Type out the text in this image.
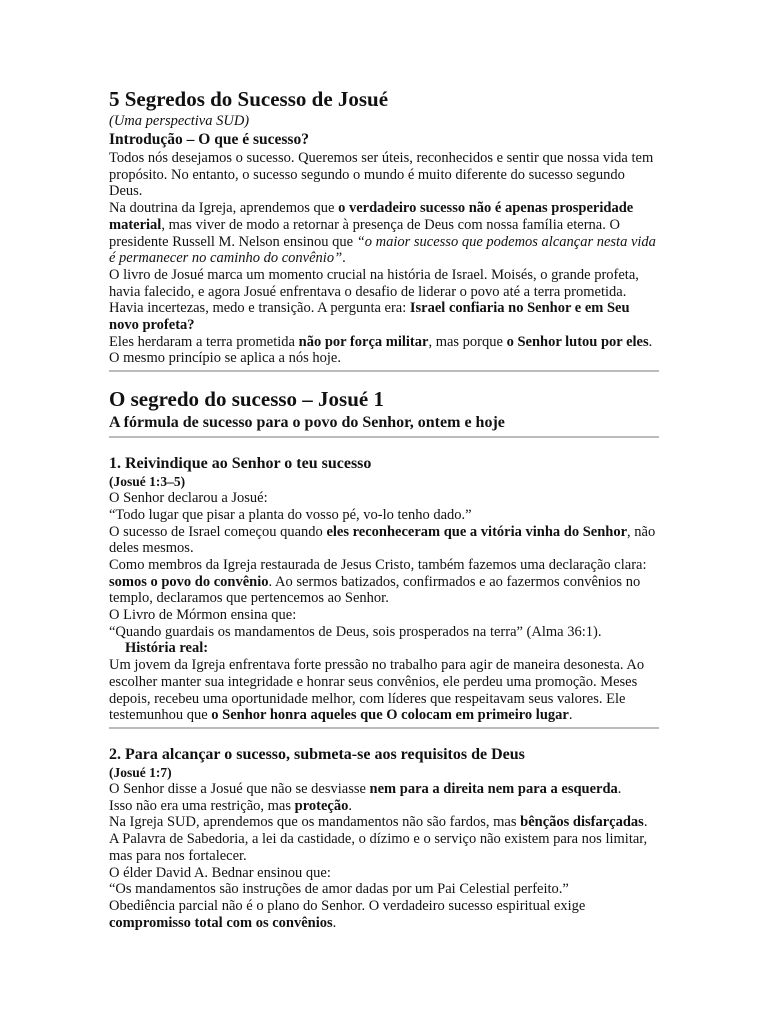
5 Segredos do Sucesso de Josué
(Uma perspectiva SUD)
Introdução – O que é sucesso?

Todos nós desejamos o sucesso. Queremos ser úteis, reconhecidos e sentir que nossa vida tem propósito. No entanto, o sucesso segundo o mundo é muito diferente do sucesso segundo Deus.

Na doutrina da Igreja, aprendemos que o verdadeiro sucesso não é apenas prosperidade material, mas viver de modo a retornar à presença de Deus com nossa família eterna. O presidente Russell M. Nelson ensinou que “o maior sucesso que podemos alcançar nesta vida é permanecer no caminho do convênio”.

O livro de Josué marca um momento crucial na história de Israel. Moisés, o grande profeta, havia falecido, e agora Josué enfrentava o desafio de liderar o povo até a terra prometida. Havia incertezas, medo e transição. A pergunta era: Israel confiaria no Senhor e em Seu novo profeta?

Eles herdaram a terra prometida não por força militar, mas porque o Senhor lutou por eles. O mesmo princípio se aplica a nós hoje.

O segredo do sucesso – Josué 1
A fórmula de sucesso para o povo do Senhor, ontem e hoje
1. Reivindique ao Senhor o teu sucesso
(Josué 1:3–5)

O Senhor declarou a Josué:

“Todo lugar que pisar a planta do vosso pé, vo-lo tenho dado.”

O sucesso de Israel começou quando eles reconheceram que a vitória vinha do Senhor, não deles mesmos.

Como membros da Igreja restaurada de Jesus Cristo, também fazemos uma declaração clara: somos o povo do convênio. Ao sermos batizados, confirmados e ao fazermos convênios no templo, declaramos que pertencemos ao Senhor.

O Livro de Mórmon ensina que:

“Quando guardais os mandamentos de Deus, sois prosperados na terra” (Alma 36:1).

História real:

Um jovem da Igreja enfrentava forte pressão no trabalho para agir de maneira desonesta. Ao escolher manter sua integridade e honrar seus convênios, ele perdeu uma promoção. Meses depois, recebeu uma oportunidade melhor, com líderes que respeitavam seus valores. Ele testemunhou que o Senhor honra aqueles que O colocam em primeiro lugar.

2. Para alcançar o sucesso, submeta-se aos requisitos de Deus
(Josué 1:7)

O Senhor disse a Josué que não se desviasse nem para a direita nem para a esquerda.

Isso não era uma restrição, mas proteção.

Na Igreja SUD, aprendemos que os mandamentos não são fardos, mas bênçãos disfarçadas. A Palavra de Sabedoria, a lei da castidade, o dízimo e o serviço não existem para nos limitar, mas para nos fortalecer.

O élder David A. Bednar ensinou que:

“Os mandamentos são instruções de amor dadas por um Pai Celestial perfeito.”

Obediência parcial não é o plano do Senhor. O verdadeiro sucesso espiritual exige compromisso total com os convênios.
